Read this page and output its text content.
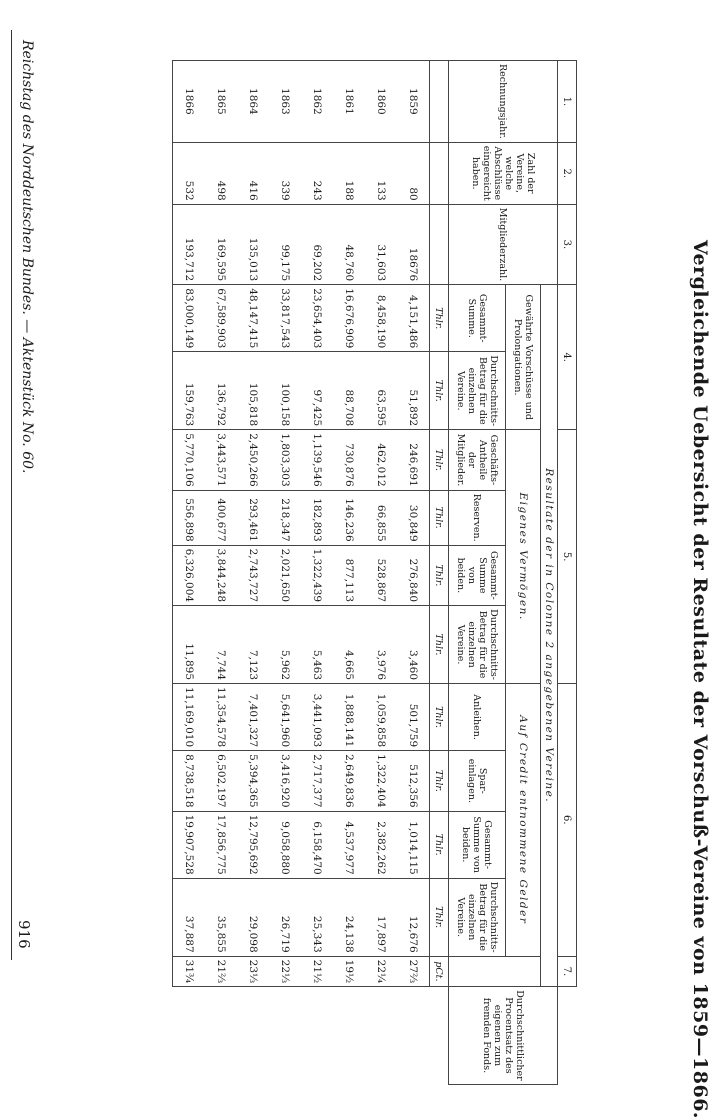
Vergleichende Uebersicht der Resultate der Vorschuß-Vereine von 1859—1866.
1.	2.	3.	4.		5.				6.				7.	
Rechnungsjahr.	Zahl der Vereine, welche Abschlüsse eingereicht haben.	Mitgliederzahl.	Resultate der in Colonne 2 angegebenen Vereine.											Durchschnittlicher Procentsatz des eigenen zum fremden Fonds.
			Gewährte Vorschüsse und Prolongationen.		Eigenes Vermögen.				Auf Credit entnommene Gelder					
			Gesammt-Summe.	Durchschnitts-Betrag für die einzelnen Vereine.	Geschäfts-Antheile der Mitglieder.	Reserven.	Gesammt-Summe von beiden.	Durchschnitts-Betrag für die einzelnen Vereine.	Anleihen.	Spar-einlagen.	Gesammt-Summe von beiden.	Durchschnitts-Betrag für die einzelnen Vereine.		
			Thlr.	Thlr.	Thlr.	Thlr.	Thlr.	Thlr.	Thlr.	Thlr.	Thlr.	Thlr.	pCt.	
1859	80	18676	4,151,486	51,892	246,691	30,849	276,840	3,460	501,759	512,356	1,014,115	12,676	27⅔	
1860	133	31,603	8,458,190	63,595	462,012	66,855	528,867	3,976	1,059,858	1,322,404	2,382,262	17,897	22¼	
1861	188	48,760	16,676,909	88,708	730,876	146,236	877,113	4,665	1,888,141	2,649,836	4,537,977	24,138	19½	
1862	243	69,202	23,654,403	97,425	1,139,546	182,893	1,322,439	5,463	3,441,093	2,717,377	6,158,470	25,343	21½	
1863	339	99,175	33,817,543	100,158	1,803,303	218,347	2,021,650	5,962	5,641,960	3,416,920	9,058,880	26,719	22⅓	
1864	416	135,013	48,147,415	105,818	2,450,266	293,461	2,743,727	7,123	7,401,327	5,394,365	12,795,692	29,098	23⅓	
1865	498	169,595	67,589,903	136,792	3,443,571	400,677	3,844,248	7,744	11,354,578	6,502,197	17,856,775	35,855	21⅔	
1866	532	193,712	83,000,149	159,763	5,770,106	556,898	6,326,004	11,895	11,169,010	8,738,518	19,907,528	37,887	31¾	
Reichstag des Norddeutschen Bundes. — Aktenstück No. 60.
916
